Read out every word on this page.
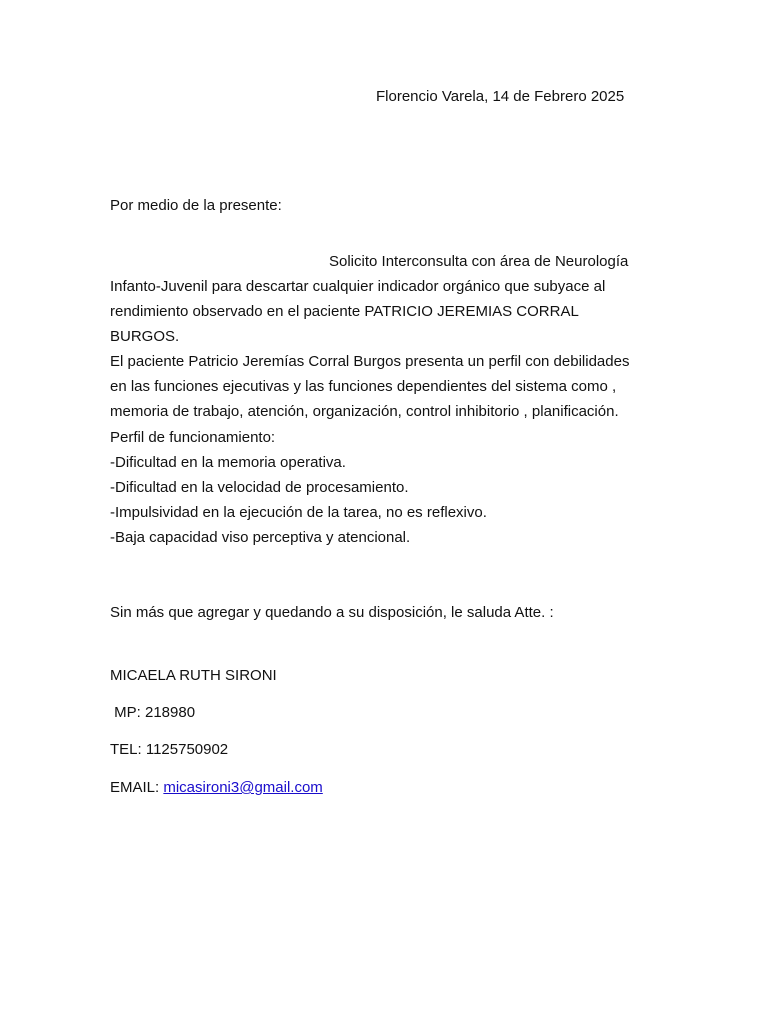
Florencio Varela, 14 de Febrero 2025
Por medio de la presente:
Solicito Interconsulta con área de Neurología
Infanto-Juvenil para descartar cualquier indicador orgánico que subyace al
rendimiento observado en el paciente PATRICIO JEREMIAS CORRAL
BURGOS.
El paciente Patricio Jeremías Corral Burgos presenta un perfil con debilidades
en las funciones ejecutivas y las funciones dependientes del sistema como ,
memoria de trabajo, atención, organización, control inhibitorio , planificación.
Perfil de funcionamiento:
-Dificultad en la memoria operativa.
-Dificultad en la velocidad de procesamiento.
-Impulsividad en la ejecución de la tarea, no es reflexivo.
-Baja capacidad viso perceptiva y atencional.
Sin más que agregar y quedando a su disposición, le saluda Atte. :
MICAELA RUTH SIRONI
MP: 218980
TEL: 1125750902
EMAIL: micasironi3@gmail.com
